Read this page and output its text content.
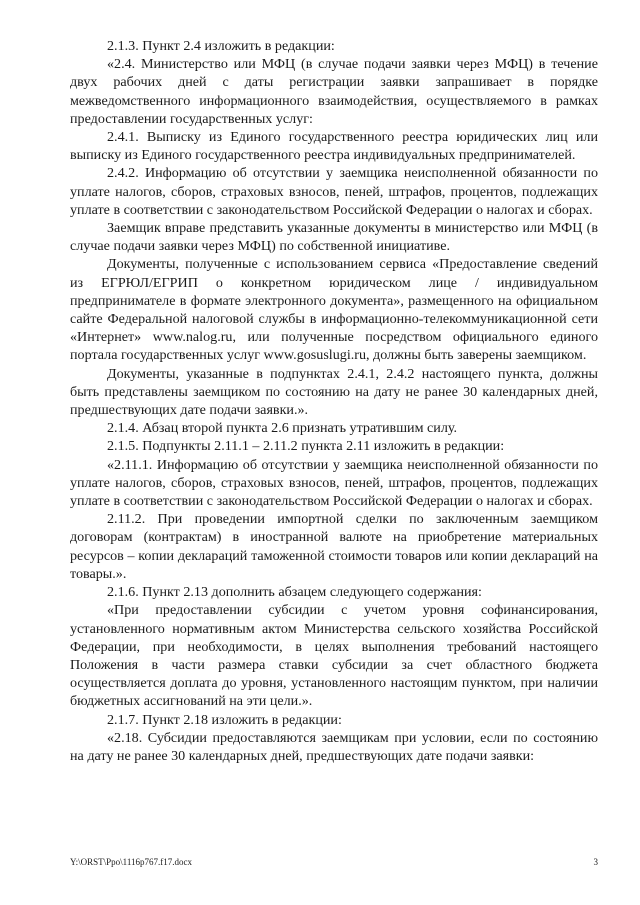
2.1.3. Пункт 2.4 изложить в редакции:

«2.4. Министерство или МФЦ (в случае подачи заявки через МФЦ) в течение двух рабочих дней с даты регистрации заявки запрашивает в порядке межведомственного информационного взаимодействия, осуществляемого в рамках предоставлении государственных услуг:

2.4.1. Выписку из Единого государственного реестра юридических лиц или выписку из Единого государственного реестра индивидуальных предпринимателей.

2.4.2. Информацию об отсутствии у заемщика неисполненной обязанности по уплате налогов, сборов, страховых взносов, пеней, штрафов, процентов, подлежащих уплате в соответствии с законодательством Российской Федерации о налогах и сборах.

Заемщик вправе представить указанные документы в министерство или МФЦ (в случае подачи заявки через МФЦ) по собственной инициативе.

Документы, полученные с использованием сервиса «Предоставление сведений из ЕГРЮЛ/ЕГРИП о конкретном юридическом лице / индивидуальном предпринимателе в формате электронного документа», размещенного на официальном сайте Федеральной налоговой службы в информационно-телекоммуникационной сети «Интернет» www.nalog.ru, или полученные посредством официального единого портала государственных услуг www.gosuslugi.ru, должны быть заверены заемщиком.

Документы, указанные в подпунктах 2.4.1, 2.4.2 настоящего пункта, должны быть представлены заемщиком по состоянию на дату не ранее 30 календарных дней, предшествующих дате подачи заявки.».

2.1.4. Абзац второй пункта 2.6 признать утратившим силу.

2.1.5. Подпункты 2.11.1 – 2.11.2 пункта 2.11 изложить в редакции:

«2.11.1. Информацию об отсутствии у заемщика неисполненной обязанности по уплате налогов, сборов, страховых взносов, пеней, штрафов, процентов, подлежащих уплате в соответствии с законодательством Российской Федерации о налогах и сборах.

2.11.2. При проведении импортной сделки по заключенным заемщиком договорам (контрактам) в иностранной валюте на приобретение материальных ресурсов – копии деклараций таможенной стоимости товаров или копии деклараций на товары.».

2.1.6. Пункт 2.13 дополнить абзацем следующего содержания:

«При предоставлении субсидии с учетом уровня софинансирования, установленного нормативным актом Министерства сельского хозяйства Российской Федерации, при необходимости, в целях выполнения требований настоящего Положения в части размера ставки субсидии за счет областного бюджета осуществляется доплата до уровня, установленного настоящим пунктом, при наличии бюджетных ассигнований на эти цели.».

2.1.7. Пункт 2.18 изложить в редакции:

«2.18. Субсидии предоставляются заемщикам при условии, если по состоянию на дату не ранее 30 календарных дней, предшествующих дате подачи заявки:

Y:\ORST\Ppo\1116p767.f17.docx	3
